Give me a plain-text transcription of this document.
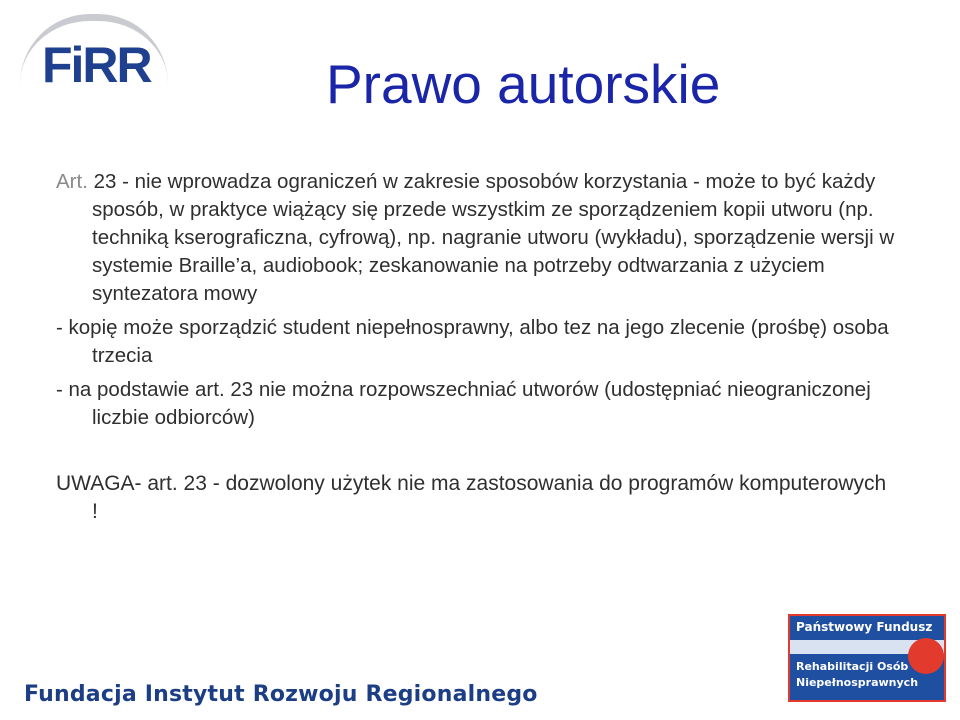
FiRR	Prawo autorskie

Art. 23 - nie wprowadza ograniczeń w zakresie sposobów korzystania - może to być każdy sposób, w praktyce wiążący się przede wszystkim ze sporządzeniem kopii utworu (np. techniką kserograficzna, cyfrową), np. nagranie utworu (wykładu), sporządzenie wersji w systemie Braille’a, audiobook; zeskanowanie na potrzeby odtwarzania z użyciem syntezatora mowy

- kopię może sporządzić student niepełnosprawny, albo tez na jego zlecenie (prośbę) osoba trzecia

- na podstawie art. 23 nie można rozpowszechniać utworów (udostępniać nieograniczonej liczbie odbiorców)

UWAGA- art. 23 - dozwolony użytek nie ma zastosowania do programów komputerowych !

Fundacja Instytut Rozwoju Regionalnego
Państwowy Fundusz
Rehabilitacji Osób
Niepełnosprawnych
